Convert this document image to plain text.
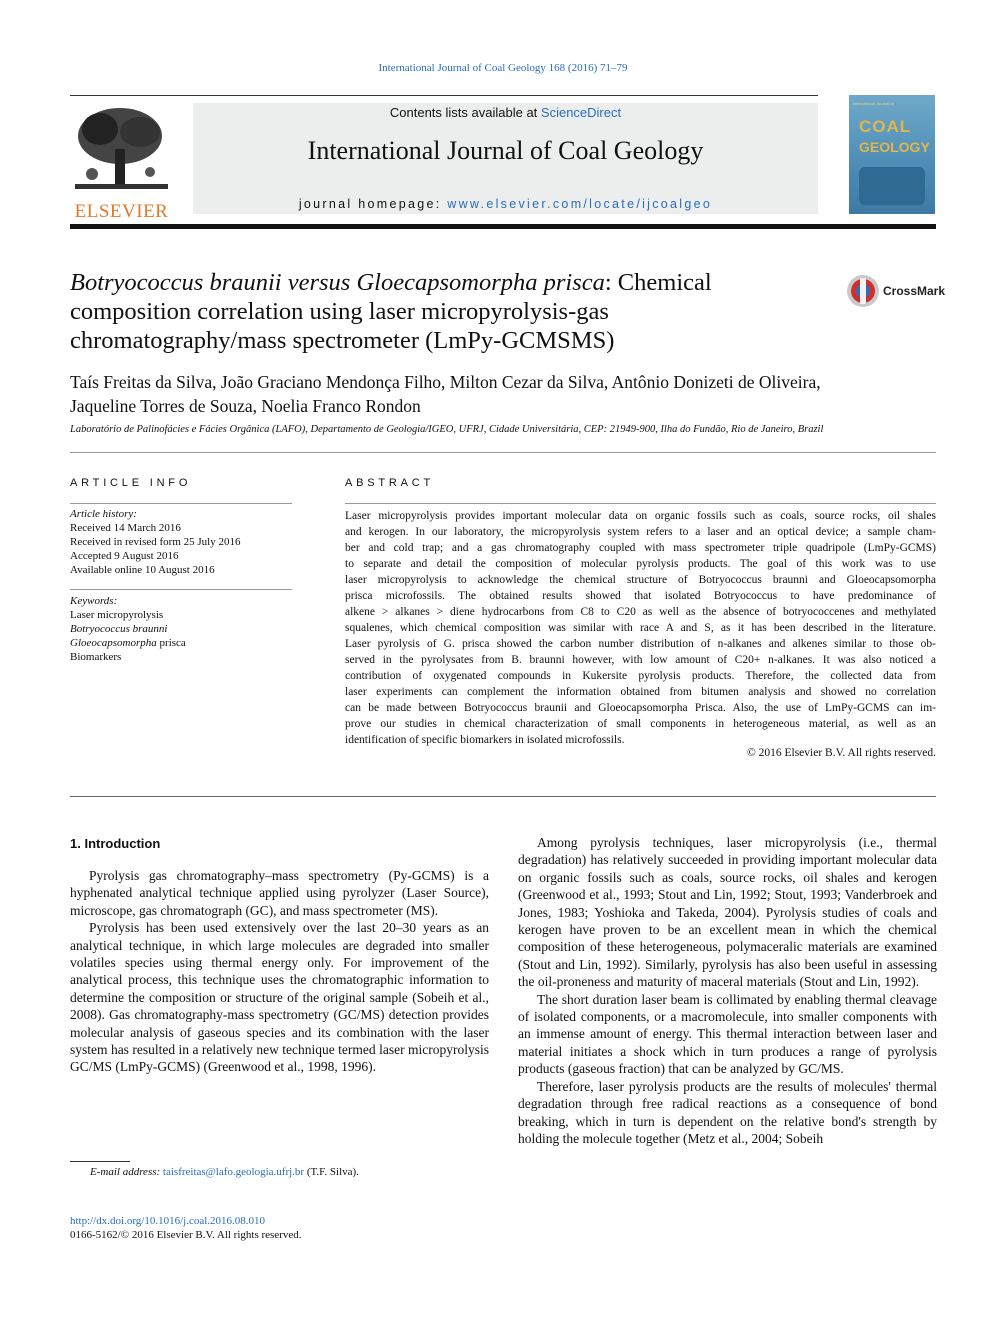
International Journal of Coal Geology 168 (2016) 71–79
ELSEVIER
Contents lists available at ScienceDirect
International Journal of Coal Geology
journal homepage: www.elsevier.com/locate/ijcoalgeo
International Journal of
COAL
GEOLOGY
Botryococcus braunii versus Gloecapsomorpha prisca: Chemical
composition correlation using laser micropyrolysis-gas
chromatography/mass spectrometer (LmPy-GCMSMS)
CrossMark
Taís Freitas da Silva, João Graciano Mendonça Filho, Milton Cezar da Silva, Antônio Donizeti de Oliveira,
Jaqueline Torres de Souza, Noelia Franco Rondon
Laboratório de Palinofácies e Fácies Orgânica (LAFO), Departamento de Geologia/IGEO, UFRJ, Cidade Universitária, CEP: 21949-900, Ilha do Fundão, Rio de Janeiro, Brazil
ARTICLE INFO
Article history:
Received 14 March 2016
Received in revised form 25 July 2016
Accepted 9 August 2016
Available online 10 August 2016
Keywords:
Laser micropyrolysis
Botryococcus braunni
Gloeocapsomorpha prisca
Biomarkers
ABSTRACT
Laser micropyrolysis provides important molecular data on organic fossils such as coals, source rocks, oil shales
and kerogen. In our laboratory, the micropyrolysis system refers to a laser and an optical device; a sample cham-
ber and cold trap; and a gas chromatography coupled with mass spectrometer triple quadripole (LmPy-GCMS)
to separate and detail the composition of molecular pyrolysis products. The goal of this work was to use
laser micropyrolysis to acknowledge the chemical structure of Botryococcus braunni and Gloeocapsomorpha
prisca microfossils. The obtained results showed that isolated Botryococcus to have predominance of
alkene > alkanes > diene hydrocarbons from C8 to C20 as well as the absence of botryococcenes and methylated
squalenes, which chemical composition was similar with race A and S, as it has been described in the literature.
Laser pyrolysis of G. prisca showed the carbon number distribution of n-alkanes and alkenes similar to those ob-
served in the pyrolysates from B. braunni however, with low amount of C20+ n-alkanes. It was also noticed a
contribution of oxygenated compounds in Kukersite pyrolysis products. Therefore, the collected data from
laser experiments can complement the information obtained from bitumen analysis and showed no correlation
can be made between Botryococcus braunii and Gloeocapsomorpha Prisca. Also, the use of LmPy-GCMS can im-
prove our studies in chemical characterization of small components in heterogeneous material, as well as an
identification of specific biomarkers in isolated microfossils.
© 2016 Elsevier B.V. All rights reserved.
1. Introduction

Pyrolysis gas chromatography–mass spectrometry (Py-GCMS) is a hyphenated analytical technique applied using pyrolyzer (Laser Source), microscope, gas chromatograph (GC), and mass spectrometer (MS).

Pyrolysis has been used extensively over the last 20–30 years as an analytical technique, in which large molecules are degraded into smaller volatiles species using thermal energy only. For improvement of the analytical process, this technique uses the chromatographic information to determine the composition or structure of the original sample (Sobeih et al., 2008). Gas chromatography-mass spectrometry (GC/MS) detection provides molecular analysis of gaseous species and its combination with the laser system has resulted in a relatively new technique termed laser micropyrolysis GC/MS (LmPy-GCMS) (Greenwood et al., 1998, 1996).

Among pyrolysis techniques, laser micropyrolysis (i.e., thermal degradation) has relatively succeeded in providing important molecular data on organic fossils such as coals, source rocks, oil shales and kerogen (Greenwood et al., 1993; Stout and Lin, 1992; Stout, 1993; Vanderbroek and Jones, 1983; Yoshioka and Takeda, 2004). Pyrolysis studies of coals and kerogen have proven to be an excellent mean in which the chemical composition of these heterogeneous, polymaceralic materials are examined (Stout and Lin, 1992). Similarly, pyrolysis has also been useful in assessing the oil-proneness and maturity of maceral materials (Stout and Lin, 1992).

The short duration laser beam is collimated by enabling thermal cleavage of isolated components, or a macromolecule, into smaller components with an immense amount of energy. This thermal interaction between laser and material initiates a shock which in turn produces a range of pyrolysis products (gaseous fraction) that can be analyzed by GC/MS.

Therefore, laser pyrolysis products are the results of molecules' thermal degradation through free radical reactions as a consequence of bond breaking, which in turn is dependent on the relative bond's strength by holding the molecule together (Metz et al., 2004; Sobeih

E-mail address: taisfreitas@lafo.geologia.ufrj.br (T.F. Silva).
http://dx.doi.org/10.1016/j.coal.2016.08.010
0166-5162/© 2016 Elsevier B.V. All rights reserved.
